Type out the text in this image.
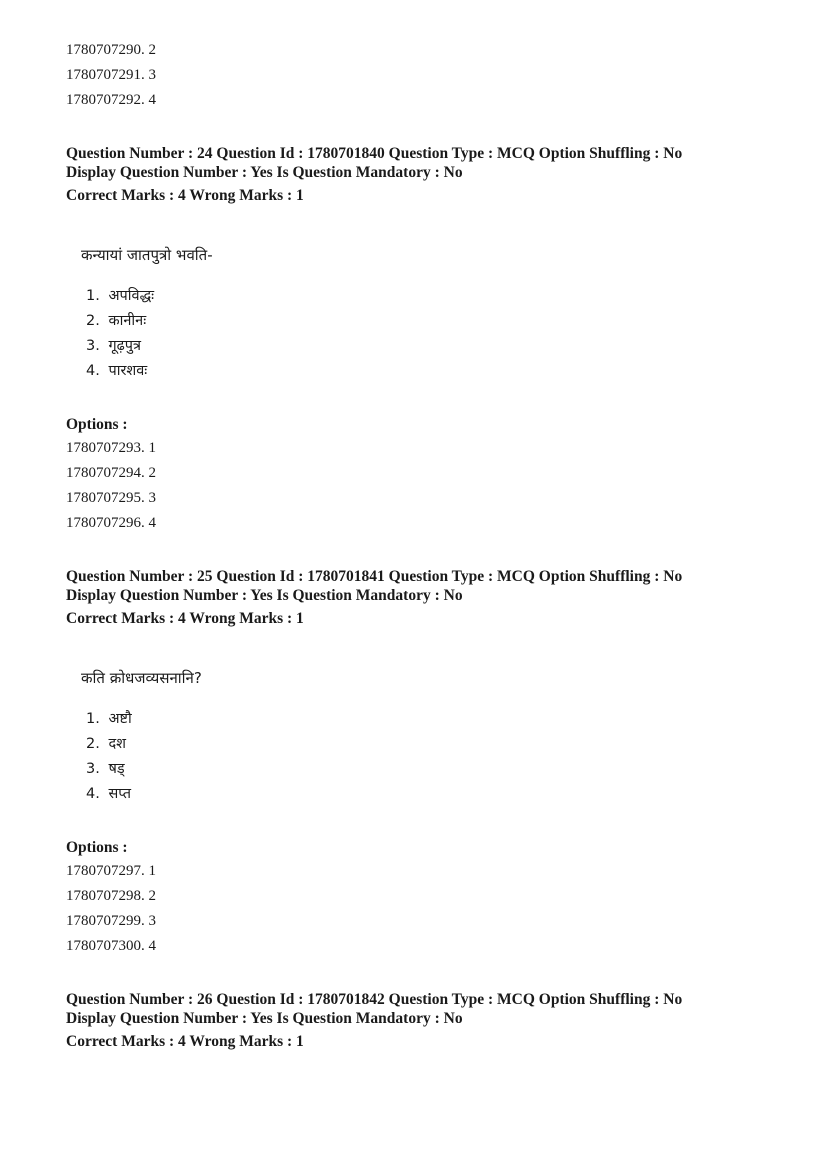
1780707290. 2
1780707291. 3
1780707292. 4
Question Number : 24 Question Id : 1780701840 Question Type : MCQ Option Shuffling : No
Display Question Number : Yes Is Question Mandatory : No
Correct Marks : 4 Wrong Marks : 1
कन्यायां जातपुत्रो भवति-
1. अपविद्धः
2. कानीनः
3. गूढ़पुत्र
4. पारशवः
Options :
1780707293. 1
1780707294. 2
1780707295. 3
1780707296. 4
Question Number : 25 Question Id : 1780701841 Question Type : MCQ Option Shuffling : No
Display Question Number : Yes Is Question Mandatory : No
Correct Marks : 4 Wrong Marks : 1
कति क्रोधजव्यसनानि?
1. अष्टौ
2. दश
3. षड्
4. सप्त
Options :
1780707297. 1
1780707298. 2
1780707299. 3
1780707300. 4
Question Number : 26 Question Id : 1780701842 Question Type : MCQ Option Shuffling : No
Display Question Number : Yes Is Question Mandatory : No
Correct Marks : 4 Wrong Marks : 1
